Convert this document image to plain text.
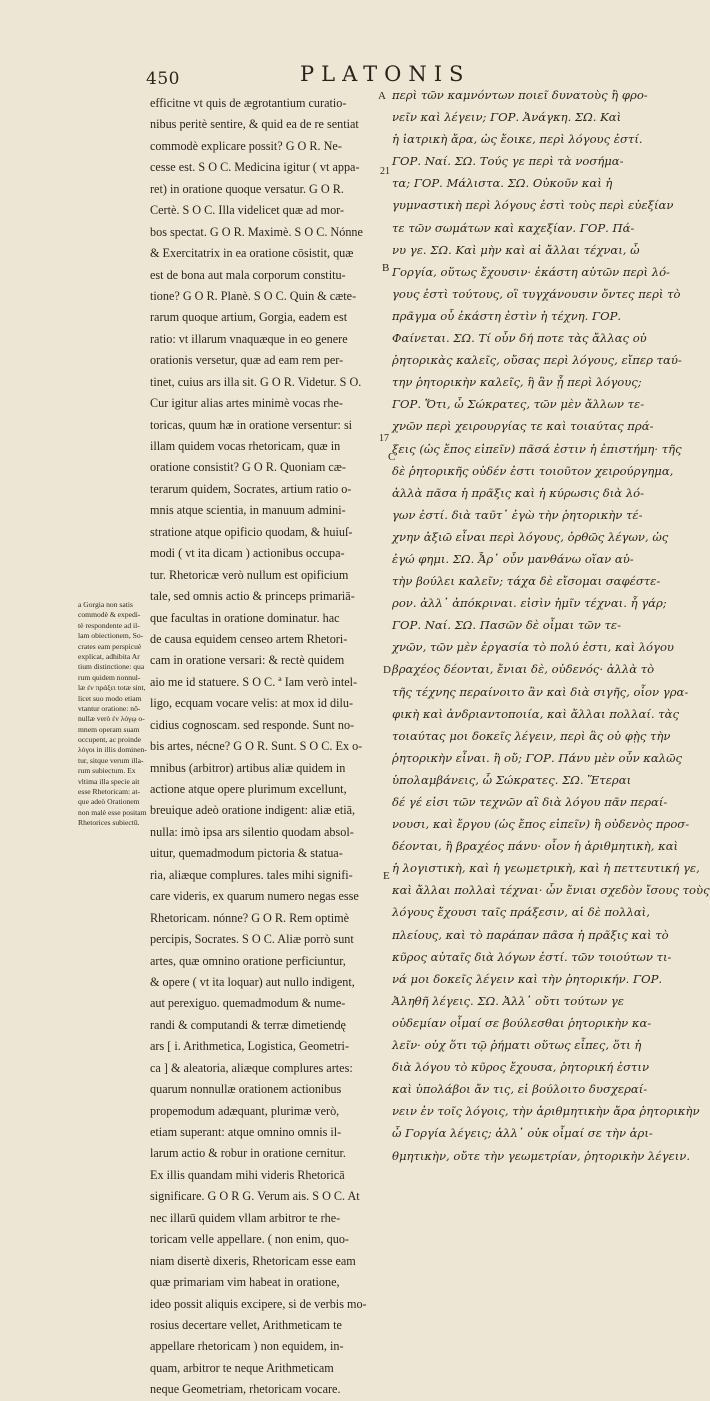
450	PLATONIS
A
21
B
17
C
D
E
efficitne vt quis de ægrotantium curatio-
nibus peritè sentire, & quid ea de re sentiat
commodè explicare possit? G O R. Ne-
cesse est. S O C. Medicina igitur ( vt appa-
ret) in oratione quoque versatur. G O R.
Certè. S O C. Illa videlicet quæ ad mor-
bos spectat. G O R. Maximè. S O C. Nónne
& Exercitatrix in ea oratione cōsistit, quæ
est de bona aut mala corporum constitu-
tione? G O R. Planè. S O C. Quin & cæte-
rarum quoque artium, Gorgia, eadem est
ratio: vt illarum vnaquæque in eo genere
orationis versetur, quæ ad eam rem per-
tinet, cuius ars illa sit. G O R. Videtur. S O.
Cur igitur alias artes minimè vocas rhe-
toricas, quum hæ in oratione versentur: si
illam quidem vocas rhetoricam, quæ in
oratione consistit? G O R. Quoniam cæ-
terarum quidem, Socrates, artium ratio o-
mnis atque scientia, in manuum admini-
stratione atque opificio quodam, & huiuſ-
modi ( vt ita dicam ) actionibus occupa-
tur. Rhetoricæ verò nullum est opificium
tale, sed omnis actio & princeps primariā-
que facultas in oratione dominatur. hac
de causa equidem censeo artem Rhetori-
cam in oratione versari: & rectè quidem
aio me id statuere. S O C. ª Iam verò intel-
ligo, ecquam vocare velis: at mox id dilu-
cidius cognoscam. sed responde. Sunt no-
bis artes, nécne? G O R. Sunt. S O C. Ex o-
mnibus (arbitror) artibus aliæ quidem in
actione atque opere plurimum excellunt,
breuique adeò oratione indigent: aliæ etiā,
nulla: imò ipsa ars silentio quodam absol-
uitur, quemadmodum pictoria & statua-
ria, aliæque complures. tales mihi signifi-
care videris, ex quarum numero negas esse
Rhetoricam. nónne? G O R. Rem optimè
percipis, Socrates. S O C. Aliæ porrò sunt
artes, quæ omnino oratione perficiuntur,
& opere ( vt ita loquar) aut nullo indigent,
aut perexiguo. quemadmodum & nume-
randi & computandi & terræ dimetiendę
ars [ i. Arithmetica, Logistica, Geometri-
ca ] & aleatoria, aliæque complures artes:
quarum nonnullæ orationem actionibus
propemodum adæquant, plurimæ verò,
etiam superant: atque omnino omnis il-
larum actio & robur in oratione cernitur.
Ex illis quandam mihi videris Rhetoricā
significare. G O R G. Verum ais. S O C. At
nec illarū quidem vllam arbitror te rhe-
toricam velle appellare. ( non enim, quo-
niam disertè dixeris, Rhetoricam esse eam
quæ primariam vim habeat in oratione,
ideo possit aliquis excipere, si de verbis mo-
rosius decertare vellet, Arithmeticam te
appellare rhetoricam ) non equidem, in-
quam, arbitror te neque Arithmeticam
neque Geometriam, rhetoricam vocare.
περὶ τῶν καμνόντων ποιεῖ δυνατοὺς ἢ φρο-
νεῖν καὶ λέγειν; ΓΟΡ. Ἀνάγκη. ΣΩ. Καὶ
ἡ ἰατρικὴ ἄρα, ὡς ἔοικε, περὶ λόγους ἐστί.
ΓΟΡ. Ναί. ΣΩ. Τούς γε περὶ τὰ νοσήμα-
τα; ΓΟΡ. Μάλιστα. ΣΩ. Οὐκοῦν καὶ ἡ
γυμναστικὴ περὶ λόγους ἐστὶ τοὺς περὶ εὐεξίαν
τε τῶν σωμάτων καὶ καχεξίαν. ΓΟΡ. Πά-
νυ γε. ΣΩ. Καὶ μὴν καὶ αἱ ἄλλαι τέχναι, ὦ
Γοργία, οὕτως ἔχουσιν· ἑκάστη αὐτῶν περὶ λό-
γους ἐστὶ τούτους, οἳ τυγχάνουσιν ὄντες περὶ τὸ
πρᾶγμα οὗ ἑκάστη ἐστὶν ἡ τέχνη. ΓΟΡ.
Φαίνεται. ΣΩ. Τί οὖν δή ποτε τὰς ἄλλας οὐ
ῥητορικὰς καλεῖς, οὔσας περὶ λόγους, εἴπερ ταύ-
την ῥητορικὴν καλεῖς, ἣ ἂν ᾖ περὶ λόγους;
ΓΟΡ. Ὅτι, ὦ Σώκρατες, τῶν μὲν ἄλλων τε-
χνῶν περὶ χειρουργίας τε καὶ τοιαύτας πρά-
ξεις (ὡς ἔπος εἰπεῖν) πᾶσά ἐστιν ἡ ἐπιστήμη· τῆς
δὲ ῥητορικῆς οὐδέν ἐστι τοιοῦτον χειρούργημα,
ἀλλὰ πᾶσα ἡ πρᾶξις καὶ ἡ κύρωσις διὰ λό-
γων ἐστί. διὰ ταῦτ᾽ ἐγὼ τὴν ῥητορικὴν τέ-
χνην ἀξιῶ εἶναι περὶ λόγους, ὀρθῶς λέγων, ὡς
ἐγώ φημι. ΣΩ. Ἆρ᾽ οὖν μανθάνω οἵαν αὐ-
τὴν βούλει καλεῖν; τάχα δὲ εἴσομαι σαφέστε-
ρον. ἀλλ᾽ ἀπόκριναι. εἰσὶν ἡμῖν τέχναι. ἦ γάρ;
ΓΟΡ. Ναί. ΣΩ. Πασῶν δὲ οἶμαι τῶν τε-
χνῶν, τῶν μὲν ἐργασία τὸ πολύ ἐστι, καὶ λόγου
βραχέος δέονται, ἔνιαι δὲ, οὐδενός· ἀλλὰ τὸ
τῆς τέχνης περαίνοιτο ἂν καὶ διὰ σιγῆς, οἷον γρα-
φικὴ καὶ ἀνδριαντοποιία, καὶ ἄλλαι πολλαί. τὰς
τοιαύτας μοι δοκεῖς λέγειν, περὶ ἃς οὐ φῂς τὴν
ῥητορικὴν εἶναι. ἢ οὔ; ΓΟΡ. Πάνυ μὲν οὖν καλῶς
ὑπολαμβάνεις, ὦ Σώκρατες. ΣΩ. Ἕτεραι
δέ γέ εἰσι τῶν τεχνῶν αἳ διὰ λόγου πᾶν περαί-
νουσι, καὶ ἔργου (ὡς ἔπος εἰπεῖν) ἢ οὐδενὸς προσ-
δέονται, ἢ βραχέος πάνυ· οἷον ἡ ἀριθμητικὴ, καὶ
ἡ λογιστικὴ, καὶ ἡ γεωμετρικὴ, καὶ ἡ πεττευτική γε,
καὶ ἄλλαι πολλαὶ τέχναι· ὧν ἔνιαι σχεδὸν ἴσους τοὺς
λόγους ἔχουσι ταῖς πράξεσιν, αἱ δὲ πολλαὶ,
πλείους, καὶ τὸ παράπαν πᾶσα ἡ πρᾶξις καὶ τὸ
κῦρος αὐταῖς διὰ λόγων ἐστί. τῶν τοιούτων τι-
νά μοι δοκεῖς λέγειν καὶ τὴν ῥητορικήν. ΓΟΡ.
Ἀληθῆ λέγεις. ΣΩ. Ἀλλ᾽ οὔτι τούτων γε
οὐδεμίαν οἶμαί σε βούλεσθαι ῥητορικὴν κα-
λεῖν· οὐχ ὅτι τῷ ῥήματι οὕτως εἶπες, ὅτι ἡ
διὰ λόγου τὸ κῦρος ἔχουσα, ῥητορική ἐστιν
καὶ ὑπολάβοι ἄν τις, εἰ βούλοιτο δυσχεραί-
νειν ἐν τοῖς λόγοις, τὴν ἀριθμητικὴν ἄρα ῥητορικὴν
ὦ Γοργία λέγεις; ἀλλ᾽ οὐκ οἶμαί σε τὴν ἀρι-
θμητικὴν, οὔτε τὴν γεωμετρίαν, ῥητορικὴν λέγειν.
a Gorgia non satis
commodè & expedi-
tè respondente ad il-
lam obiectionem, So-
crates eam perspicuè
explicat, adhibita Ar
tium distinctione: qua
rum quidem nonnul-
læ ἐν πράξει totæ sint,
licet suo modo etiam
vtantur oratione: nō-
nullæ verò ἐν λόγῳ o-
mnem operam suam
occupent, ac proinde
λόγοι in illis dominen-
tur, sitque verum illa-
rum subiectum. Ex
vltima illa specie ait
esse Rhetoricam: at-
que adeò Orationem
non malè esse positam
Rhetorices subiectū.
